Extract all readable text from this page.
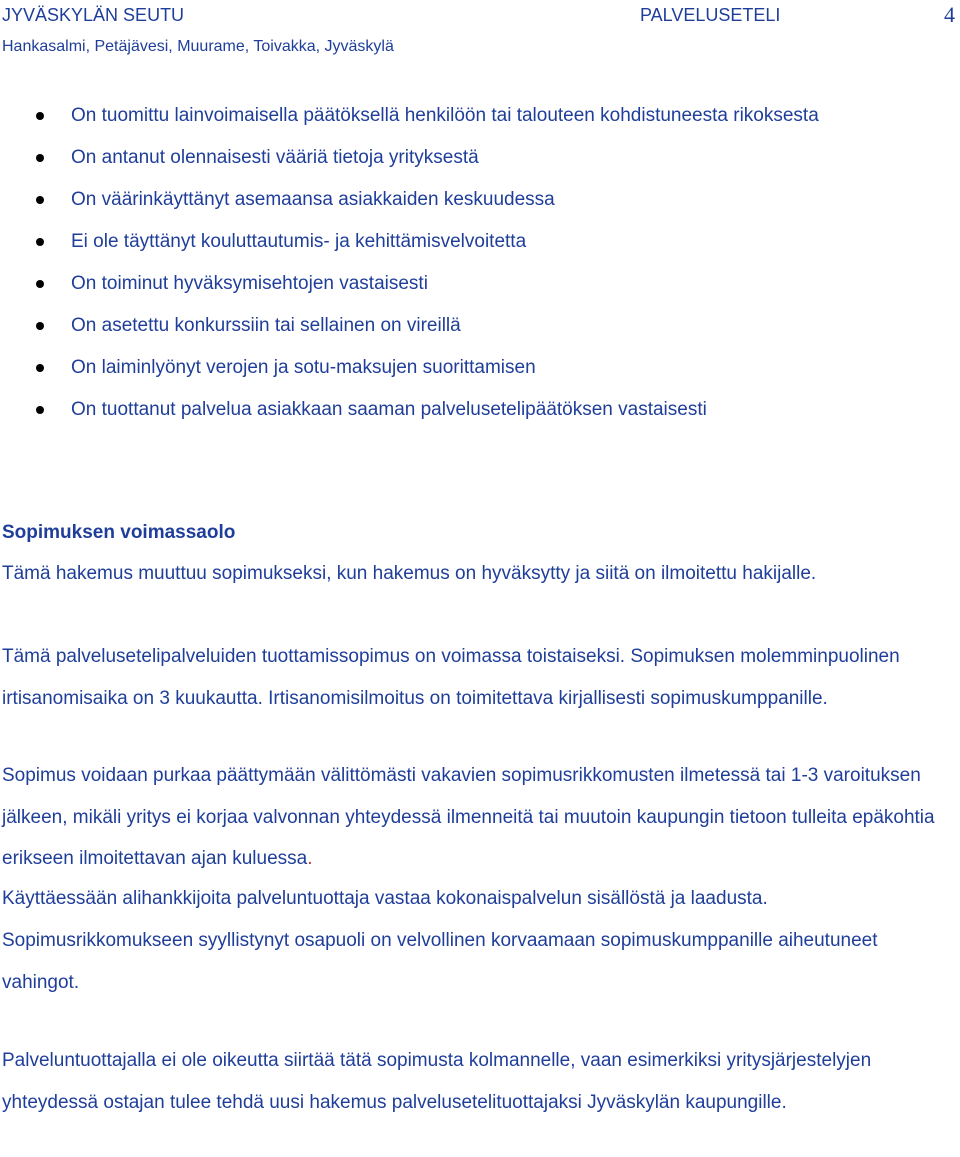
JYVÄSKYLÄN SEUTU
Hankasalmi, Petäjävesi, Muurame, Toivakka, Jyväskylä
PALVELUSETELI	4
On tuomittu lainvoimaisella päätöksellä henkilöön tai talouteen kohdistuneesta rikoksesta
On antanut olennaisesti vääriä tietoja yrityksestä
On väärinkäyttänyt asemaansa asiakkaiden keskuudessa
Ei ole täyttänyt kouluttautumis- ja kehittämisvelvoitetta
On toiminut hyväksymisehtojen vastaisesti
On asetettu konkurssiin tai sellainen on vireillä
On laiminlyönyt verojen ja sotu-maksujen suorittamisen
On tuottanut palvelua asiakkaan saaman palvelusetelipäätöksen vastaisesti
Sopimuksen voimassaolo

Tämä hakemus muuttuu sopimukseksi, kun hakemus on hyväksytty ja siitä on ilmoitettu hakijalle.

Tämä palvelusetelipalveluiden tuottamissopimus on voimassa toistaiseksi. Sopimuksen molemminpuolinen irtisanomisaika on 3 kuukautta. Irtisanomisilmoitus on toimitettava kirjallisesti sopimuskumppanille.

Sopimus voidaan purkaa päättymään välittömästi vakavien sopimusrikkomusten ilmetessä tai 1-3 varoituksen jälkeen, mikäli yritys ei korjaa valvonnan yhteydessä ilmenneitä tai muutoin kaupungin tietoon tulleita epäkohtia erikseen ilmoitettavan ajan kuluessa.

Käyttäessään alihankkijoita palveluntuottaja vastaa kokonaispalvelun sisällöstä ja laadusta.

Sopimusrikkomukseen syyllistynyt osapuoli on velvollinen korvaamaan sopimuskumppanille aiheutuneet vahingot.

Palveluntuottajalla ei ole oikeutta siirtää tätä sopimusta kolmannelle, vaan esimerkiksi yritysjärjestelyjen yhteydessä ostajan tulee tehdä uusi hakemus palvelusetelituottajaksi Jyväskylän kaupungille.
